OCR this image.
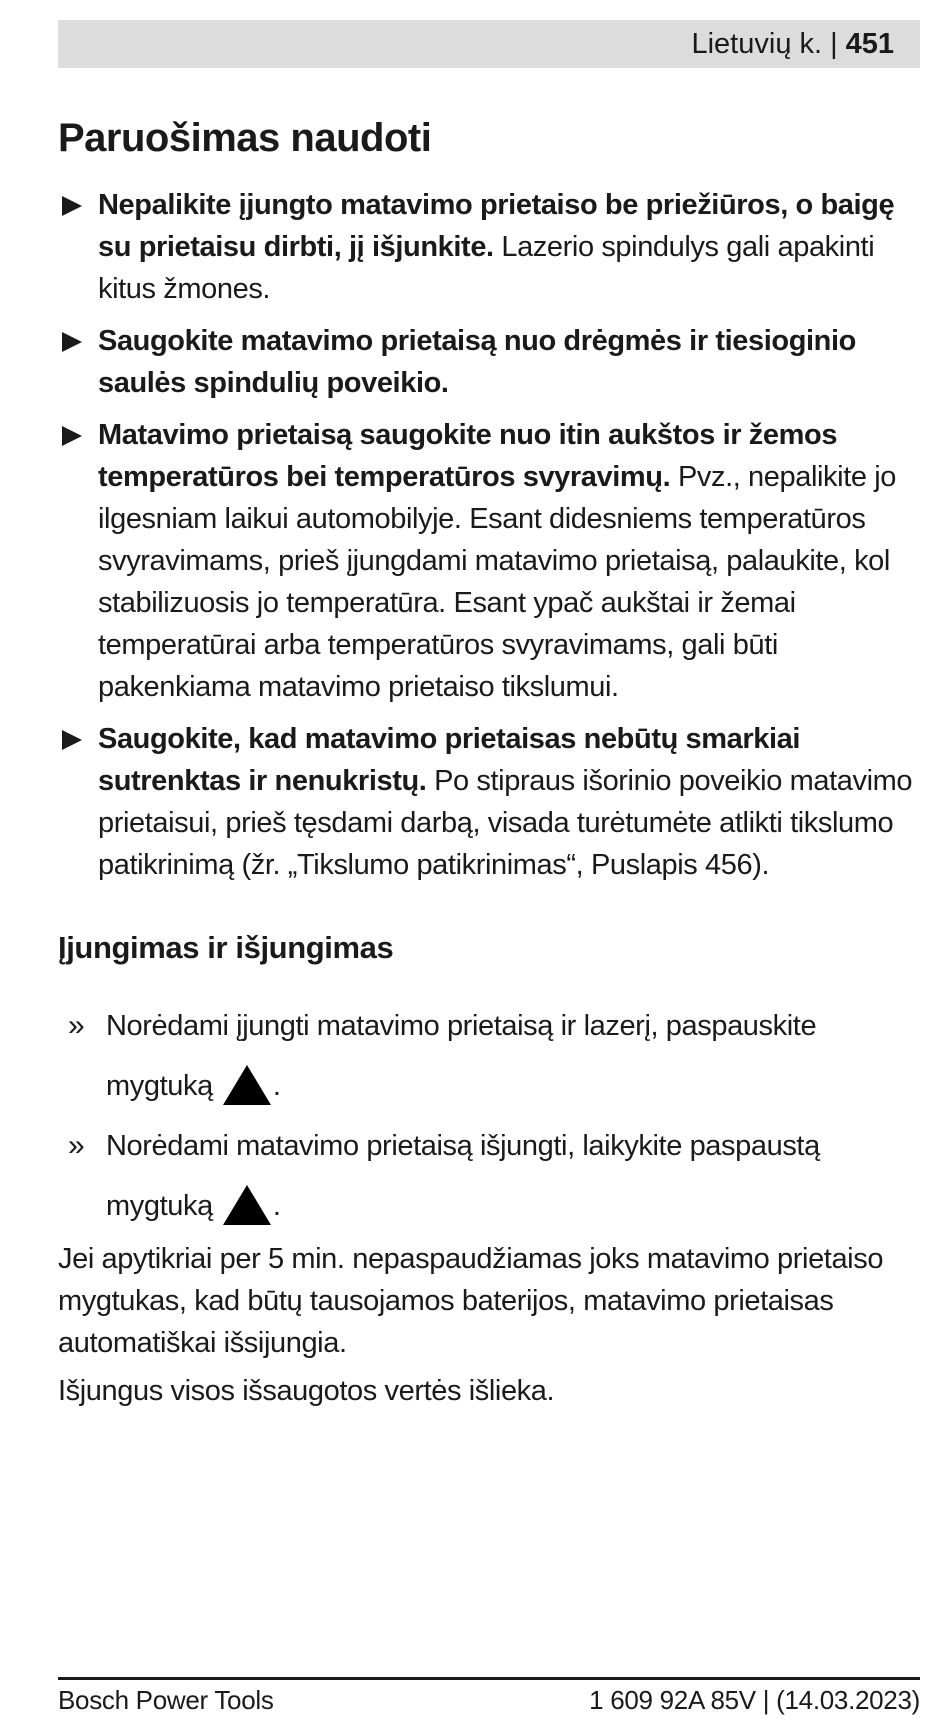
Lietuvių k. | 451
Paruošimas naudoti
Nepalikite įjungto matavimo prietaiso be priežiūros, o baigę su prietaisu dirbti, jį išjunkite. Lazerio spindulys gali apakinti kitus žmones.
Saugokite matavimo prietaisą nuo drėgmės ir tiesioginio saulės spindulių poveikio.
Matavimo prietaisą saugokite nuo itin aukštos ir žemos temperatūros bei temperatūros svyravimų. Pvz., nepalikite jo ilgesniam laikui automobilyje. Esant didesniems temperatūros svyravimams, prieš įjungdami matavimo prietaisą, palaukite, kol stabilizuosis jo temperatūra. Esant ypač aukštai ir žemai temperatūrai arba temperatūros svyravimams, gali būti pakenkiama matavimo prietaiso tikslumui.
Saugokite, kad matavimo prietaisas nebūtų smarkiai sutrenktas ir nenukristų. Po stipraus išorinio poveikio matavimo prietaisui, prieš tęsdami darbą, visada turėtumėte atlikti tikslumo patikrinimą (žr. „Tikslumo patikrinimas“, Puslapis 456).
Įjungimas ir išjungimas
» Norėdami įjungti matavimo prietaisą ir lazerį, paspauskite mygtuką .
» Norėdami matavimo prietaisą išjungti, laikykite paspaustą mygtuką .

Jei apytikriai per 5 min. nepaspaudžiamas joks matavimo prietaiso mygtukas, kad būtų tausojamos baterijos, matavimo prietaisas automatiškai išsijungia.

Išjungus visos išsaugotos vertės išlieka.

Bosch Power Tools	1 609 92A 85V | (14.03.2023)
